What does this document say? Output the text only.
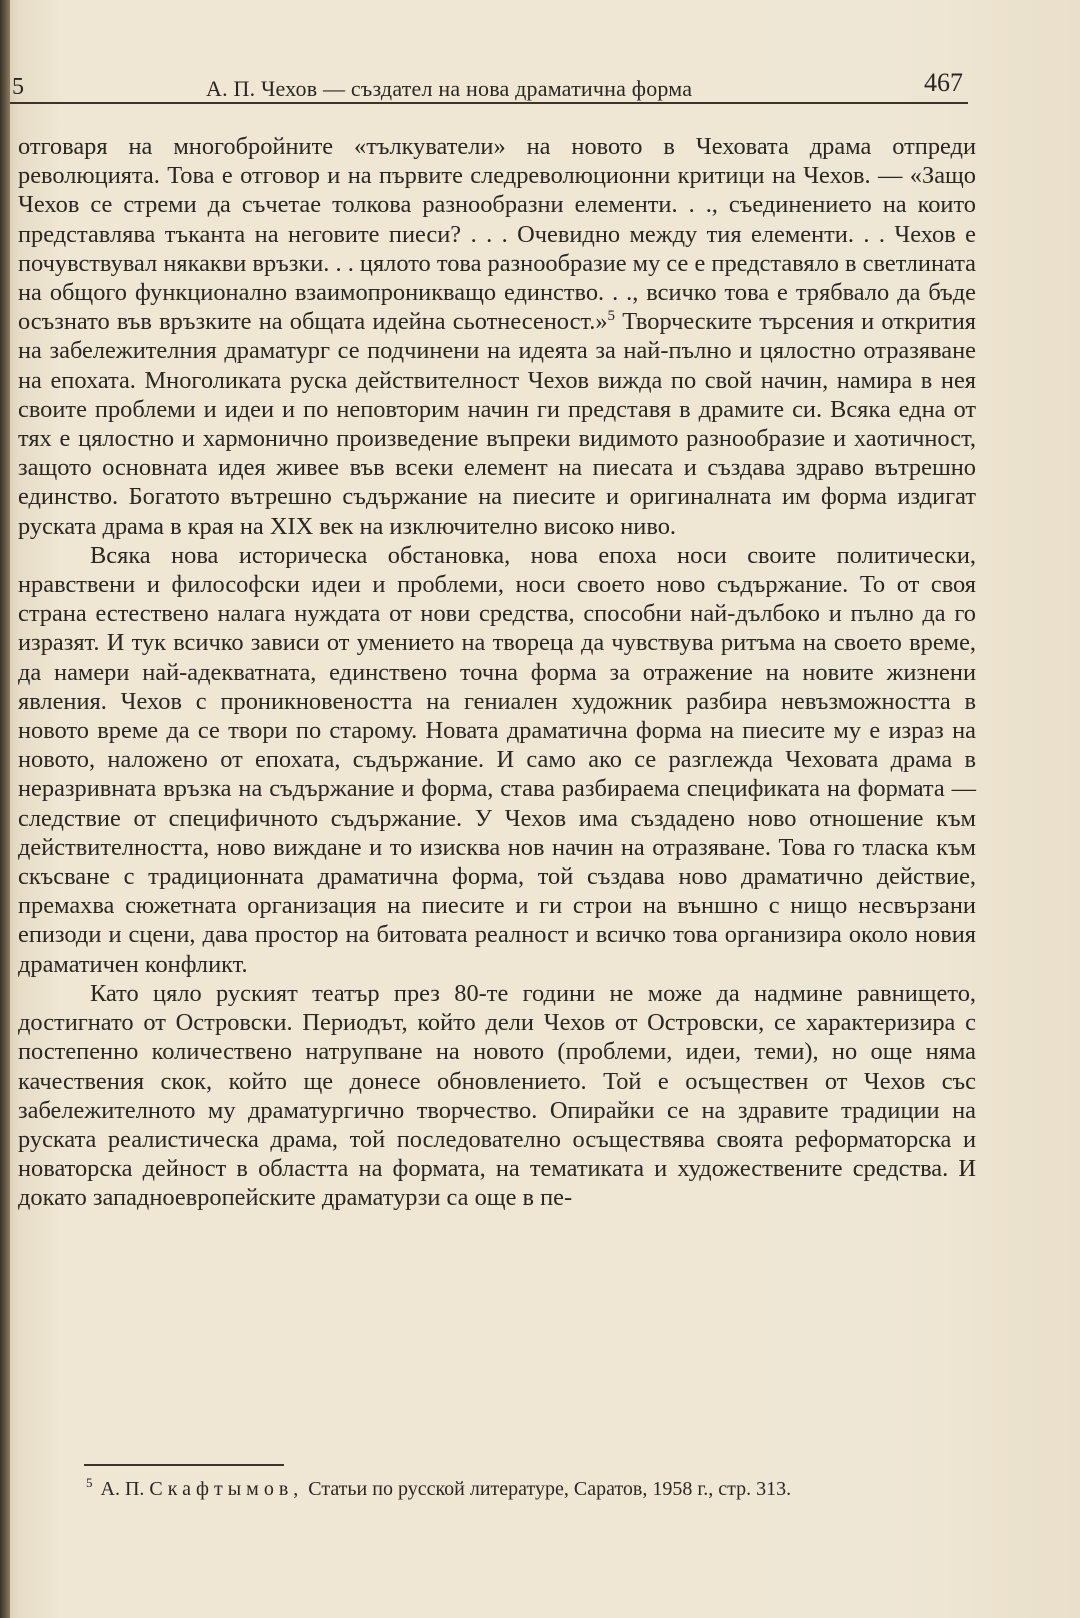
5	А. П. Чехов — създател на нова драматична форма	467

отговаря на многобройните «тълкуватели» на новото в Чеховата драма отпреди революцията. Това е отговор и на първите следреволюционни критици на Чехов. — «Защо Чехов се стреми да съчетае толкова разнообразни елементи. . ., съединението на които представлява тъканта на неговите пиеси? . . . Очевидно между тия елементи. . . Чехов е почувствувал някакви връзки. . . цялото това разнообразие му се е представяло в светлината на общого функционално взаимопроникващо единство. . ., всичко това е трябвало да бъде осъзнато във връзките на общата идейна сьотнесеност.»$^5$ Творческите търсения и открития на забележителния драматург се подчинени на идеята за най-пълно и цялостно отразяване на епохата. Многоликата руска действителност Чехов вижда по свой начин, намира в нея своите проблеми и идеи и по неповторим начин ги представя в драмите си. Всяка една от тях е цялостно и хармонично произведение въпреки видимото разнообразие и хаотичност, защото основната идея живее във всеки елемент на пиесата и създава здраво вътрешно единство. Богатото вътрешно съдържание на пиесите и оригиналната им форма издигат руската драма в края на XIX век на изключително високо ниво.

Всяка нова историческа обстановка, нова епоха носи своите политически, нравствени и философски идеи и проблеми, носи своето ново съдържание. То от своя страна естествено налага нуждата от нови средства, способни най-дълбоко и пълно да го изразят. И тук всичко зависи от умението на твореца да чувствува ритъма на своето време, да намери най-адекватната, единствено точна форма за отражение на новите жизнени явления. Чехов с проникновеността на гениален художник разбира невъзможността в новото време да се твори по старому. Новата драматична форма на пиесите му е израз на новото, наложено от епохата, съдържание. И само ако се разглежда Чеховата драма в неразривната връзка на съдържание и форма, става разбираема спецификата на формата — следствие от специфичното съдържание. У Чехов има създадено ново отношение към действителността, ново виждане и то изисква нов начин на отразяване. Това го тласка към скъсване с традиционната драматична форма, той създава ново драматично действие, премахва сюжетната организация на пиесите и ги строи на външно с нищо несвързани епизоди и сцени, дава простор на битовата реалност и всичко това организира около новия драматичен конфликт.

Като цяло руският театър през 80-те години не може да надмине равнището, достигнато от Островски. Периодът, който дели Чехов от Островски, се характеризира с постепенно количествено натрупване на новото (проблеми, идеи, теми), но още няма качествения скок, който ще донесе обновлението. Той е осъществен от Чехов със забележителното му драматургично творчество. Опирайки се на здравите традиции на руската реалистическа драма, той последователно осъществява своята реформаторска и новаторска дейност в областта на формата, на тематиката и художествените средства. И докато западноевропейските драматурзи са още в пе-

$^5$ А. П. Скафтымов, Статьи по русской литературе, Саратов, 1958 г., стр. 313.
